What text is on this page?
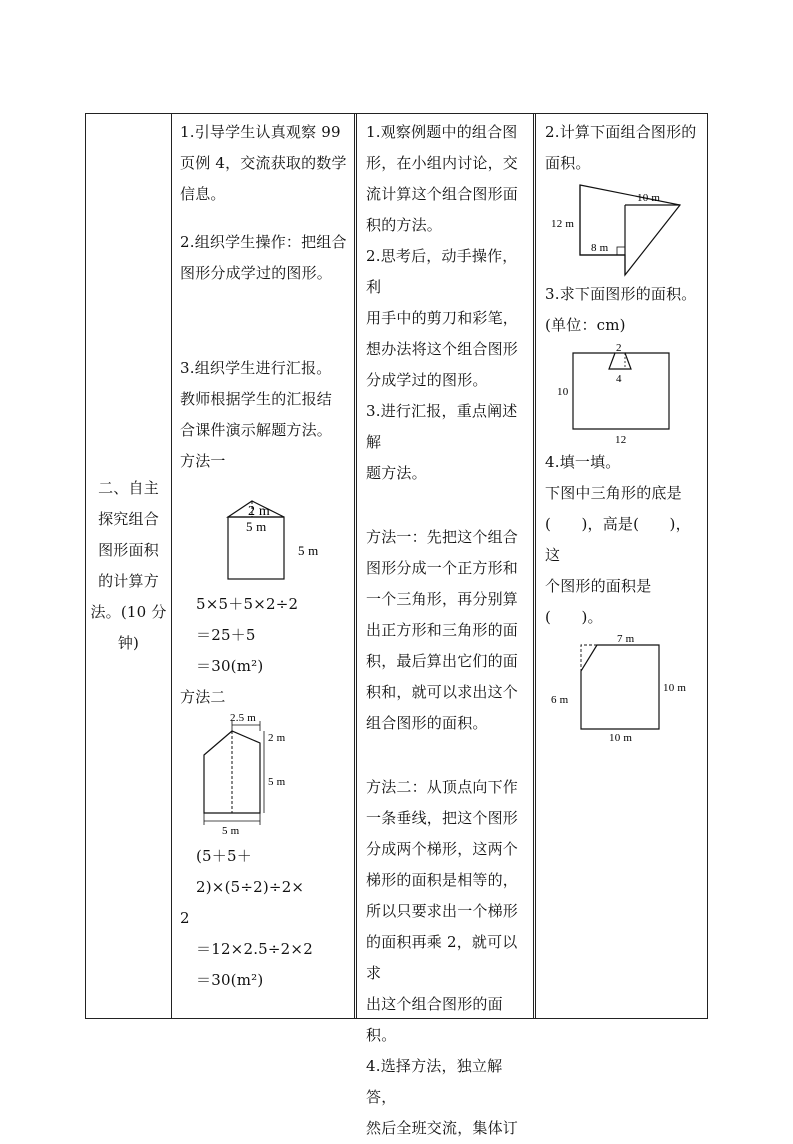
二、自主

探究组合

图形面积

的计算方

法。(10 分

钟)

1.引导学生认真观察 99

页例 4，交流获取的数学

信息。

2.组织学生操作：把组合

图形分成学过的图形。

3.组织学生进行汇报。

教师根据学生的汇报结

合课件演示解题方法。

方法一

2 m
5 m
5 m

5×5＋5×2÷2

＝25＋5

＝30(m²)

方法二

2.5 m
2 m
5 m
5 m

(5＋5＋2)×(5÷2)÷2×

2

＝12×2.5÷2×2

＝30(m²)

1.观察例题中的组合图

形，在小组内讨论，交

流计算这个组合图形面

积的方法。

2.思考后，动手操作，利

用手中的剪刀和彩笔，

想办法将这个组合图形

分成学过的图形。

3.进行汇报，重点阐述解

题方法。

方法一：先把这个组合

图形分成一个正方形和

一个三角形，再分别算

出正方形和三角形的面

积，最后算出它们的面

积和，就可以求出这个

组合图形的面积。

方法二：从顶点向下作

一条垂线，把这个图形

分成两个梯形，这两个

梯形的面积是相等的，

所以只要求出一个梯形

的面积再乘 2，就可以求

出这个组合图形的面

积。

4.选择方法，独立解答，

然后全班交流，集体订

2.计算下面组合图形的

面积。

10 m
12 m
8 m

3.求下面图形的面积。

(单位：cm)

2
4
10
12

4.填一填。

下图中三角形的底是

(　　)，高是(　　)，这

个图形的面积是

(　　)。

7 m
6 m
10 m
10 m
